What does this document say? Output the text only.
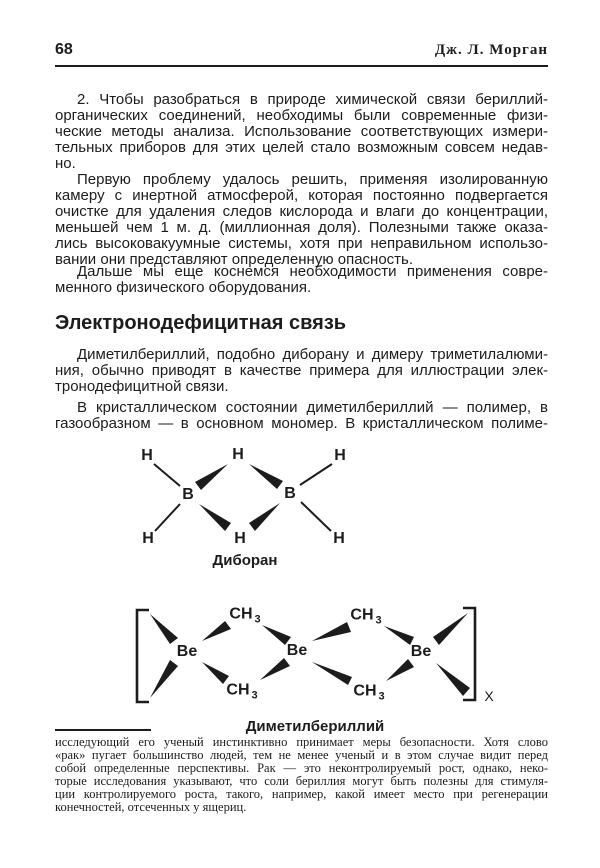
68	Дж. Л. Морган
2. Чтобы разобраться в природе химической связи бериллий-
органических соединений, необходимы были современные физи-
ческие методы анализа. Использование соответствующих измери-
тельных приборов для этих целей стало возможным совсем недав-
но.
Первую проблему удалось решить, применяя изолированную
камеру с инертной атмосферой, которая постоянно подвергается
очистке для удаления следов кислорода и влаги до концентрации,
меньшей чем 1 м. д. (миллионная доля). Полезными также оказа-
лись высоковакуумные системы, хотя при неправильном использо-
вании они представляют определенную опасность.
Дальше мы еще коснемся необходимости применения совре-
менного физического оборудования.
Электронодефицитная связь
Диметилбериллий, подобно диборану и димеру триметилалюми-
ния, обычно приводят в качестве примера для иллюстрации элек-
тронодефицитной связи.
В кристаллическом состоянии диметилбериллий — полимер, в
газообразном — в основном мономер. В кристаллическом полиме-
H	H	H
B	B
H	H	H
Диборан
Be	Be	Be
CH $_3$	CH $_3$
CH $_3$	CH $_3$	X
Диметилбериллий
исследующий его ученый инстинктивно принимает меры безопасности. Хотя слово
«рак» пугает большинство людей, тем не менее ученый и в этом случае видит перед
собой определенные перспективы. Рак — это неконтролируемый рост, однако, неко-
торые исследования указывают, что соли бериллия могут быть полезны для стимуля-
ции контролируемого роста, такого, например, какой имеет место при регенерации
конечностей, отсеченных у ящериц.
